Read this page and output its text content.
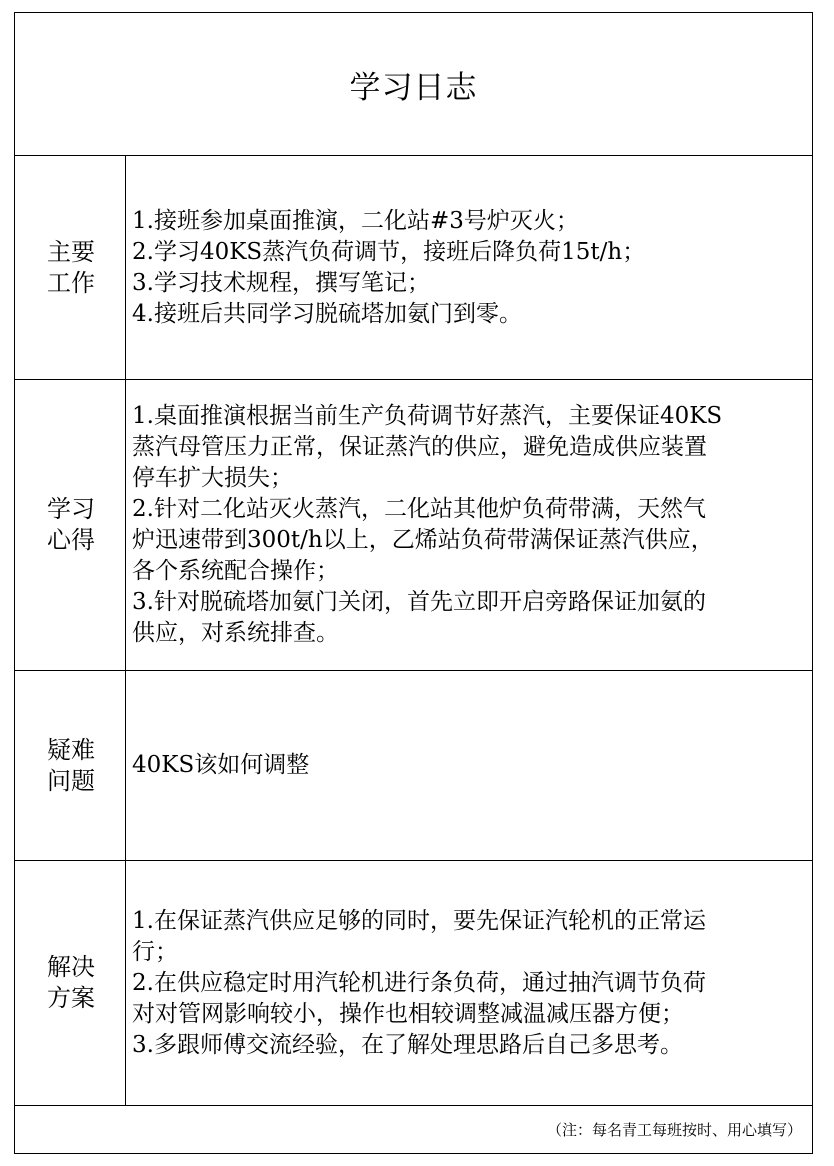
学习日志
主要
工作
1.接班参加桌面推演，二化站#3号炉灭火；
2.学习40KS蒸汽负荷调节，接班后降负荷15t/h；
3.学习技术规程，撰写笔记；
4.接班后共同学习脱硫塔加氨门到零。
学习
心得
1.桌面推演根据当前生产负荷调节好蒸汽，主要保证40KS
蒸汽母管压力正常，保证蒸汽的供应，避免造成供应装置
停车扩大损失；
2.针对二化站灭火蒸汽，二化站其他炉负荷带满，天然气
炉迅速带到300t/h以上，乙烯站负荷带满保证蒸汽供应，
各个系统配合操作；
3.针对脱硫塔加氨门关闭，首先立即开启旁路保证加氨的
供应，对系统排查。
疑难
问题
40KS该如何调整
解决
方案
1.在保证蒸汽供应足够的同时，要先保证汽轮机的正常运
行；
2.在供应稳定时用汽轮机进行条负荷，通过抽汽调节负荷
对对管网影响较小，操作也相较调整减温减压器方便；
3.多跟师傅交流经验，在了解处理思路后自己多思考。
（注：每名青工每班按时、用心填写）
